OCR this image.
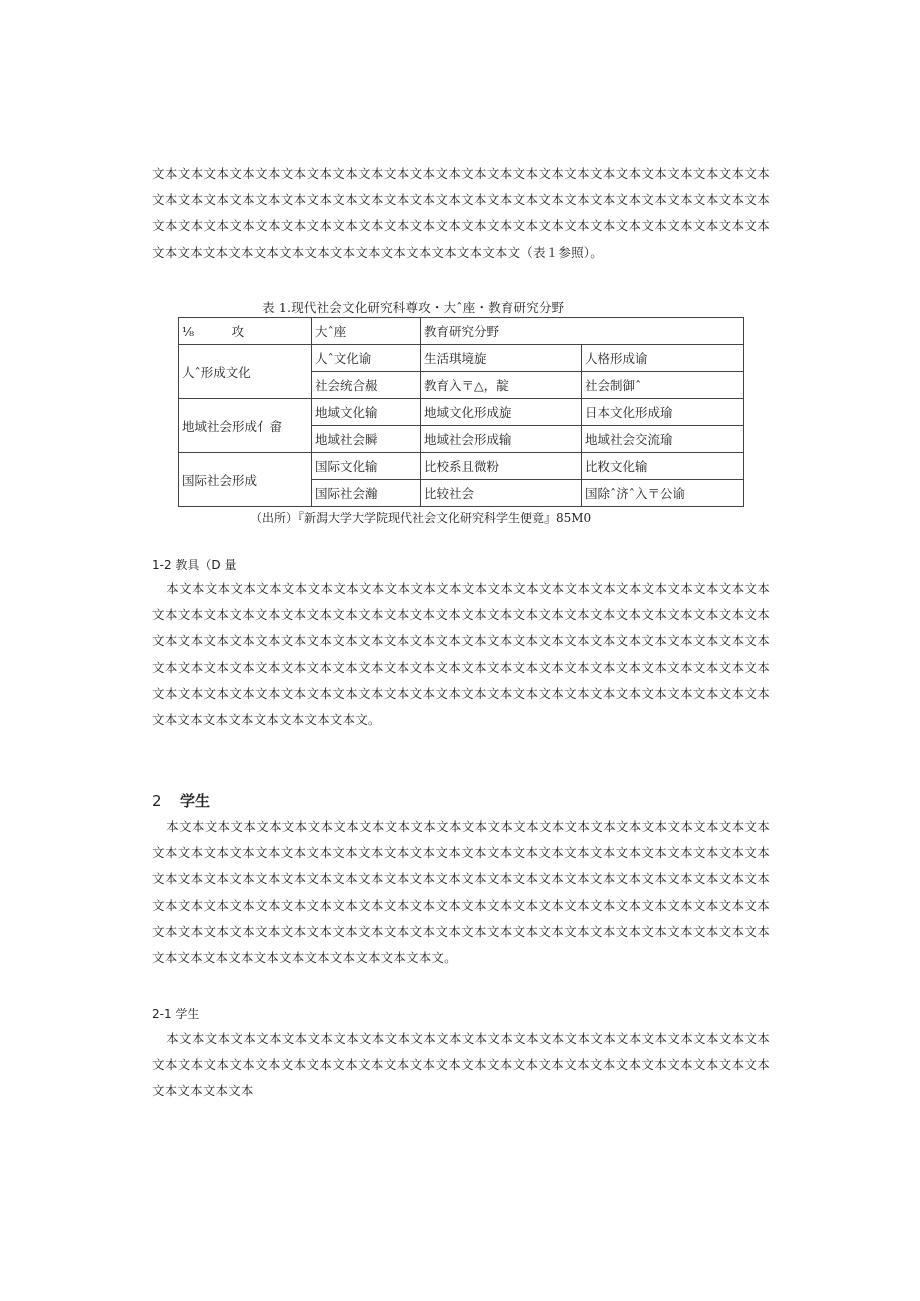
文本文本文本文本文本文本文本文本文本文本文本文本文本文本文本文本文本文本文本文本文本文本文本文本文本文本文本文本文本文本文本文本文本文本文本文本文本文本文本文本文本文本文本文本文本文本文本文本文本文本文本文本文本文本文本文本文本文本文本文本文本文本文本文本文本文本文本文本文本文本文本文本文本文本文本文本文本文本文本文本文本文本文本文本文本文本文（表１参照）。
表 1.现代社会文化研究科尊攻・大ˆ座・教育研究分野
⅛　　　攻	大ˆ座	教育研究分野	
人ˆ形成文化	人ˆ文化谕	生活琪境旋	人格形成谕
	社会统合赧	教育入〒△，靛	社会制御ˆ
地域社会形成亻畲	地域文化输	地域文化形成旋	日本文化形成瑜
	地域社会瞬	地域社会形成输	地域社会交流瑜
国际社会形成	国际文化输	比校系且微粉	比敉文化输
	国际社会瀚	比较社会	国除ˆ济ˆ入〒公谕
（出所）『新澙大学大学院现代社会文化研究科学生便竟』85M0
1-2 教具（D 量
本文本文本文本文本文本文本文本文本文本文本文本文本文本文本文本文本文本文本文本文本文本文本文本文本文本文本文本文本文本文本文本文本文本文本文本文本文本文本文本文本文本文本文本文本文本文本文本文本文本文本文本文本文本文本文本文本文本文本文本文本文本文本文本文本文本文本文本文本文本文本文本文本文本文本文本文本文本文本文本文本文本文本文本文本文本文本文本文本文本文本文本文本文本文本文本文本文本文本文本文本文本文本文本文本文本文本文本文本文本文本文本文本文本文本文本文本文本文本文本文本文本文本文本文本文本文本文本文。
2 学生
本文本文本文本文本文本文本文本文本文本文本文本文本文本文本文本文本文本文本文本文本文本文本文本文本文本文本文本文本文本文本文本文本文本文本文本文本文本文本文本文本文本文本文本文本文本文本文本文本文本文本文本文本文本文本文本文本文本文本文本文本文本文本文本文本文本文本文本文本文本文本文本文本文本文本文本文本文本文本文本文本文本文本文本文本文本文本文本文本文本文本文本文本文本文本文本文本文本文本文本文本文本文本文本文本文本文本文本文本文本文本文本文本文本文本文本文本文本文本文本文本文本文本文本文本文本文本文本文本文本文本文。
2-1 学生
本文本文本文本文本文本文本文本文本文本文本文本文本文本文本文本文本文本文本文本文本文本文本文本文本文本文本文本文本文本文本文本文本文本文本文本文本文本文本文本文本文本文本文本文本文本文本文本文本文本文本文本
